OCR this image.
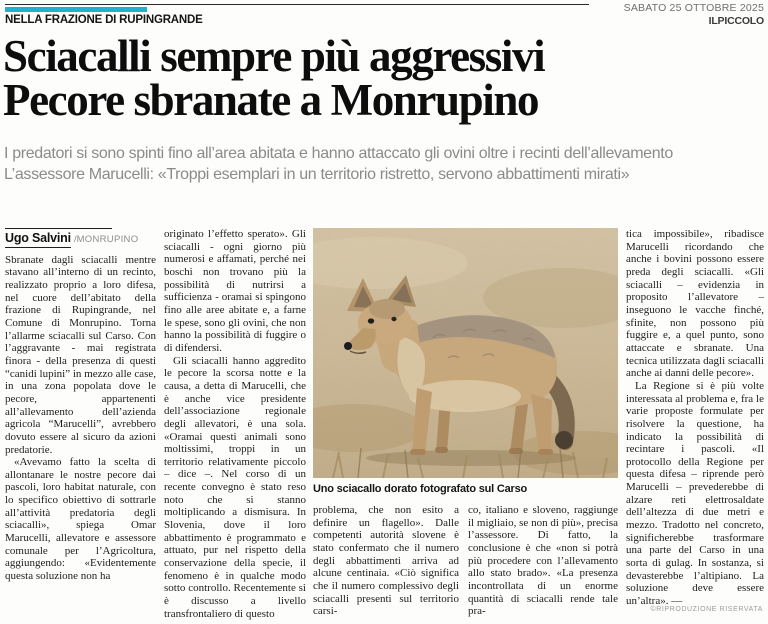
NELLA FRAZIONE DI RUPINGRANDE
SABATO 25 OTTOBRE 2025
ILPICCOLO
Sciacalli sempre più aggressivi
Pecore sbranate a Monrupino
I predatori si sono spinti fino all’area abitata e hanno attaccato gli ovini oltre i recinti dell’allevamento
L’assessore Marucelli: «Troppi esemplari in un territorio ristretto, servono abbattimenti mirati»
Ugo Salvini /MONRUPINO

Sbranate dagli sciacalli mentre stavano all’interno di un recinto, realizzato proprio a loro difesa, nel cuore dell’abitato della frazione di Rupingrande, nel Comune di Monrupino. Torna l’allarme sciacalli sul Carso. Con l’aggravante - mai registrata finora - della presenza di questi “canidi lupini” in mezzo alle case, in una zona popolata dove le pecore, appartenenti all’allevamento dell’azienda agricola “Marucelli”, avrebbero dovuto essere al sicuro da azioni predatorie.

«Avevamo fatto la scelta di allontanare le nostre pecore dai pascoli, loro habitat naturale, con lo specifico obiettivo di sottrarle all’attività predatoria degli sciacalli», spiega Omar Marucelli, allevatore e assessore comunale per l’Agricoltura, aggiungendo: «Evidentemente questa soluzione non ha

originato l’effetto sperato». Gli sciacalli - ogni giorno più numerosi e affamati, perché nei boschi non trovano più la possibilità di nutrirsi a sufficienza - oramai si spingono fino alle aree abitate e, a farne le spese, sono gli ovini, che non hanno la possibilità di fuggire o di difendersi.

Gli sciacalli hanno aggredito le pecore la scorsa notte e la causa, a detta di Marucelli, che è anche vice presidente dell’associazione regionale degli allevatori, è una sola. «Oramai questi animali sono moltissimi, troppi in un territorio relativamente piccolo – dice –. Nel corso di un recente convegno è stato reso noto che si stanno moltiplicando a dismisura. In Slovenia, dove il loro abbattimento è programmato e attuato, pur nel rispetto della conservazione della specie, il fenomeno è in qualche modo sotto controllo. Recentemente si è discusso a livello transfrontaliero di questo

Uno sciacallo dorato fotografato sul Carso

problema, che non esito a definire un flagello». Dalle competenti autorità slovene è stato confermato che il numero degli abbattimenti arriva ad alcune centinaia. «Ciò significa che il numero complessivo degli sciacalli presenti sul territorio carsi-

co, italiano e sloveno, raggiunge il migliaio, se non di più», precisa l’assessore. Di fatto, la conclusione è che «non si potrà più procedere con l’allevamento allo stato brado». «La presenza incontrollata di un enorme quantità di sciacalli rende tale pra-

tica impossibile», ribadisce Marucelli ricordando che anche i bovini possono essere preda degli sciacalli. «Gli sciacalli – evidenzia in proposito l’allevatore – inseguono le vacche finché, sfinite, non possono più fuggire e, a quel punto, sono attaccate e sbranate. Una tecnica utilizzata dagli sciacalli anche ai danni delle pecore».

La Regione si è più volte interessata al problema e, fra le varie proposte formulate per risolvere la questione, ha indicato la possibilità di recintare i pascoli. «Il protocollo della Regione per questa difesa – riprende però Marucelli – prevederebbe di alzare reti elettrosaldate dell’altezza di due metri e mezzo. Tradotto nel concreto, significherebbe trasformare una parte del Carso in una sorta di gulag. In sostanza, si devasterebbe l’altipiano. La soluzione deve essere un’altra». —

©RIPRODUZIONE RISERVATA
